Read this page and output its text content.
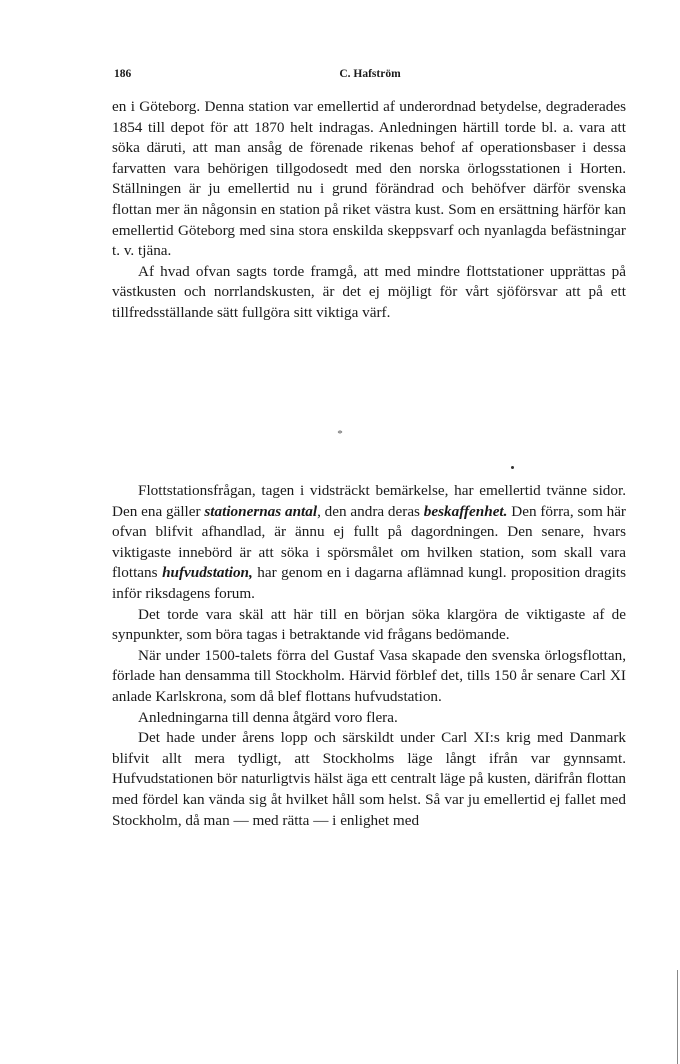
186	C. Hafström

en i Göteborg. Denna station var emellertid af underordnad betydelse, degraderades 1854 till depot för att 1870 helt indragas. Anledningen härtill torde bl. a. vara att söka däruti, att man ansåg de förenade rikenas behof af operationsbaser i dessa farvatten vara behörigen tillgodosedt med den norska örlogsstationen i Horten. Ställningen är ju emellertid nu i grund förändrad och behöfver därför svenska flottan mer än någonsin en station på riket västra kust. Som en ersättning härför kan emellertid Göteborg med sina stora enskilda skeppsvarf och nyanlagda befästningar t. v. tjäna.

Af hvad ofvan sagts torde framgå, att med mindre flottstationer upprättas på västkusten och norrlandskusten, är det ej möjligt för vårt sjöförsvar att på ett tillfredsställande sätt fullgöra sitt viktiga värf.

*

Flottstationsfrågan, tagen i vidsträckt bemärkelse, har emellertid tvänne sidor. Den ena gäller stationernas antal, den andra deras beskaffenhet. Den förra, som här ofvan blifvit afhandlad, är ännu ej fullt på dagordningen. Den senare, hvars viktigaste innebörd är att söka i spörsmålet om hvilken station, som skall vara flottans hufvudstation, har genom en i dagarna aflämnad kungl. proposition dragits inför riksdagens forum.

Det torde vara skäl att här till en början söka klargöra de viktigaste af de synpunkter, som böra tagas i betraktande vid frågans bedömande.

När under 1500-talets förra del Gustaf Vasa skapade den svenska örlogsflottan, förlade han densamma till Stockholm. Härvid förblef det, tills 150 år senare Carl XI anlade Karlskrona, som då blef flottans hufvudstation.

Anledningarna till denna åtgärd voro flera.

Det hade under årens lopp och särskildt under Carl XI:s krig med Danmark blifvit allt mera tydligt, att Stockholms läge långt ifrån var gynnsamt. Hufvudstationen bör naturligtvis hälst äga ett centralt läge på kusten, därifrån flottan med fördel kan vända sig åt hvilket håll som helst. Så var ju emellertid ej fallet med Stockholm, då man — med rätta — i enlighet med
